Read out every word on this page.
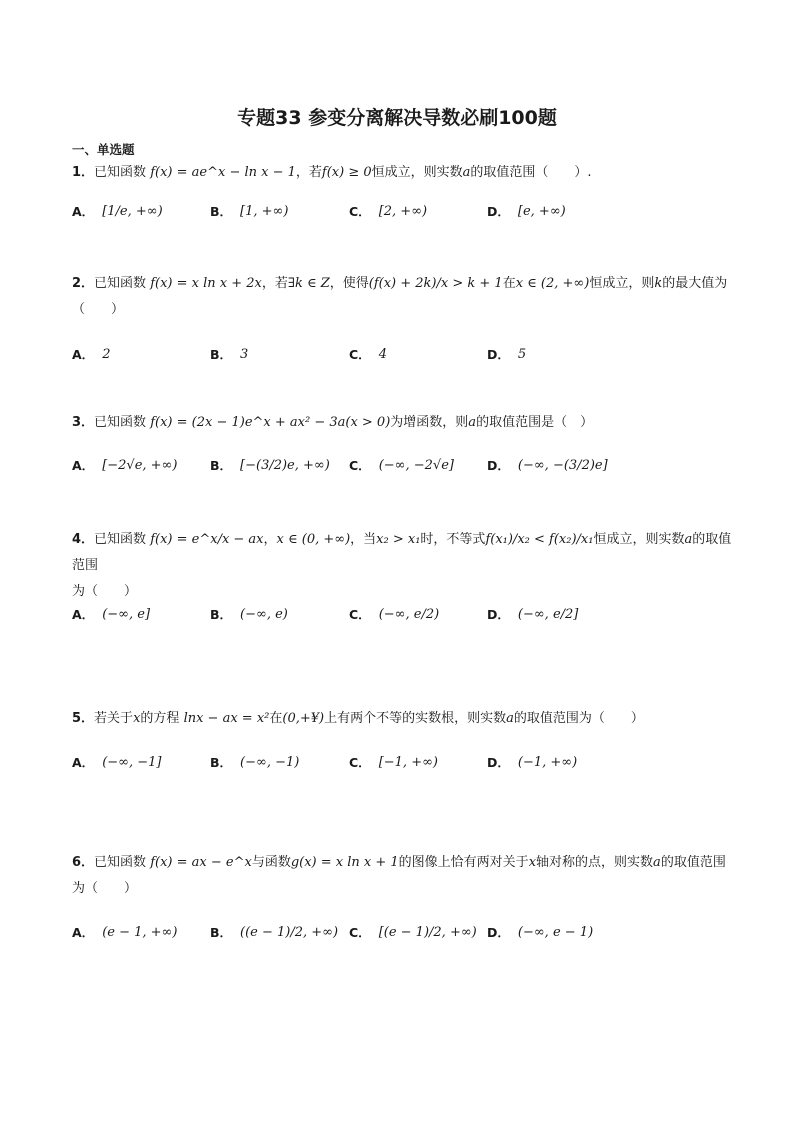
专题33 参变分离解决导数必刷100题
一、单选题
1．已知函数 f(x) = ae^x − ln x − 1，若f(x) ≥ 0恒成立，则实数a的取值范围（　　）.
A． [1/e, +∞)	B． [1, +∞)	C． [2, +∞)	D． [e, +∞)
2．已知函数 f(x) = x ln x + 2x，若∃k ∈ Z，使得(f(x) + 2k)/x > k + 1在x ∈ (2, +∞)恒成立，则k的最大值为
（　　）
A． 2	B． 3	C． 4	D． 5
3．已知函数 f(x) = (2x − 1)e^x + ax² − 3a(x > 0)为增函数，则a的取值范围是（　）
A． [−2√e, +∞)	B． [−(3/2)e, +∞) C． (−∞, −2√e]	D． (−∞, −(3/2)e]
4．已知函数 f(x) = e^x/x − ax，x ∈ (0, +∞)，当x₂ > x₁时，不等式f(x₁)/x₂ < f(x₂)/x₁恒成立，则实数a的取值范围
为（　　）
A． (−∞, e]	B． (−∞, e)	C． (−∞, e/2)	D． (−∞, e/2]
5．若关于x的方程 lnx − ax = x²在(0,+¥)上有两个不等的实数根，则实数a的取值范围为（　　）
A． (−∞, −1]	B． (−∞, −1)	C． [−1, +∞)	D． (−1, +∞)
6．已知函数 f(x) = ax − e^x与函数g(x) = x ln x + 1的图像上恰有两对关于x轴对称的点，则实数a的取值范围
为（　　）
A． (e − 1, +∞)	B． ((e − 1)/2, +∞) C． [(e − 1)/2, +∞) D． (−∞, e − 1)
